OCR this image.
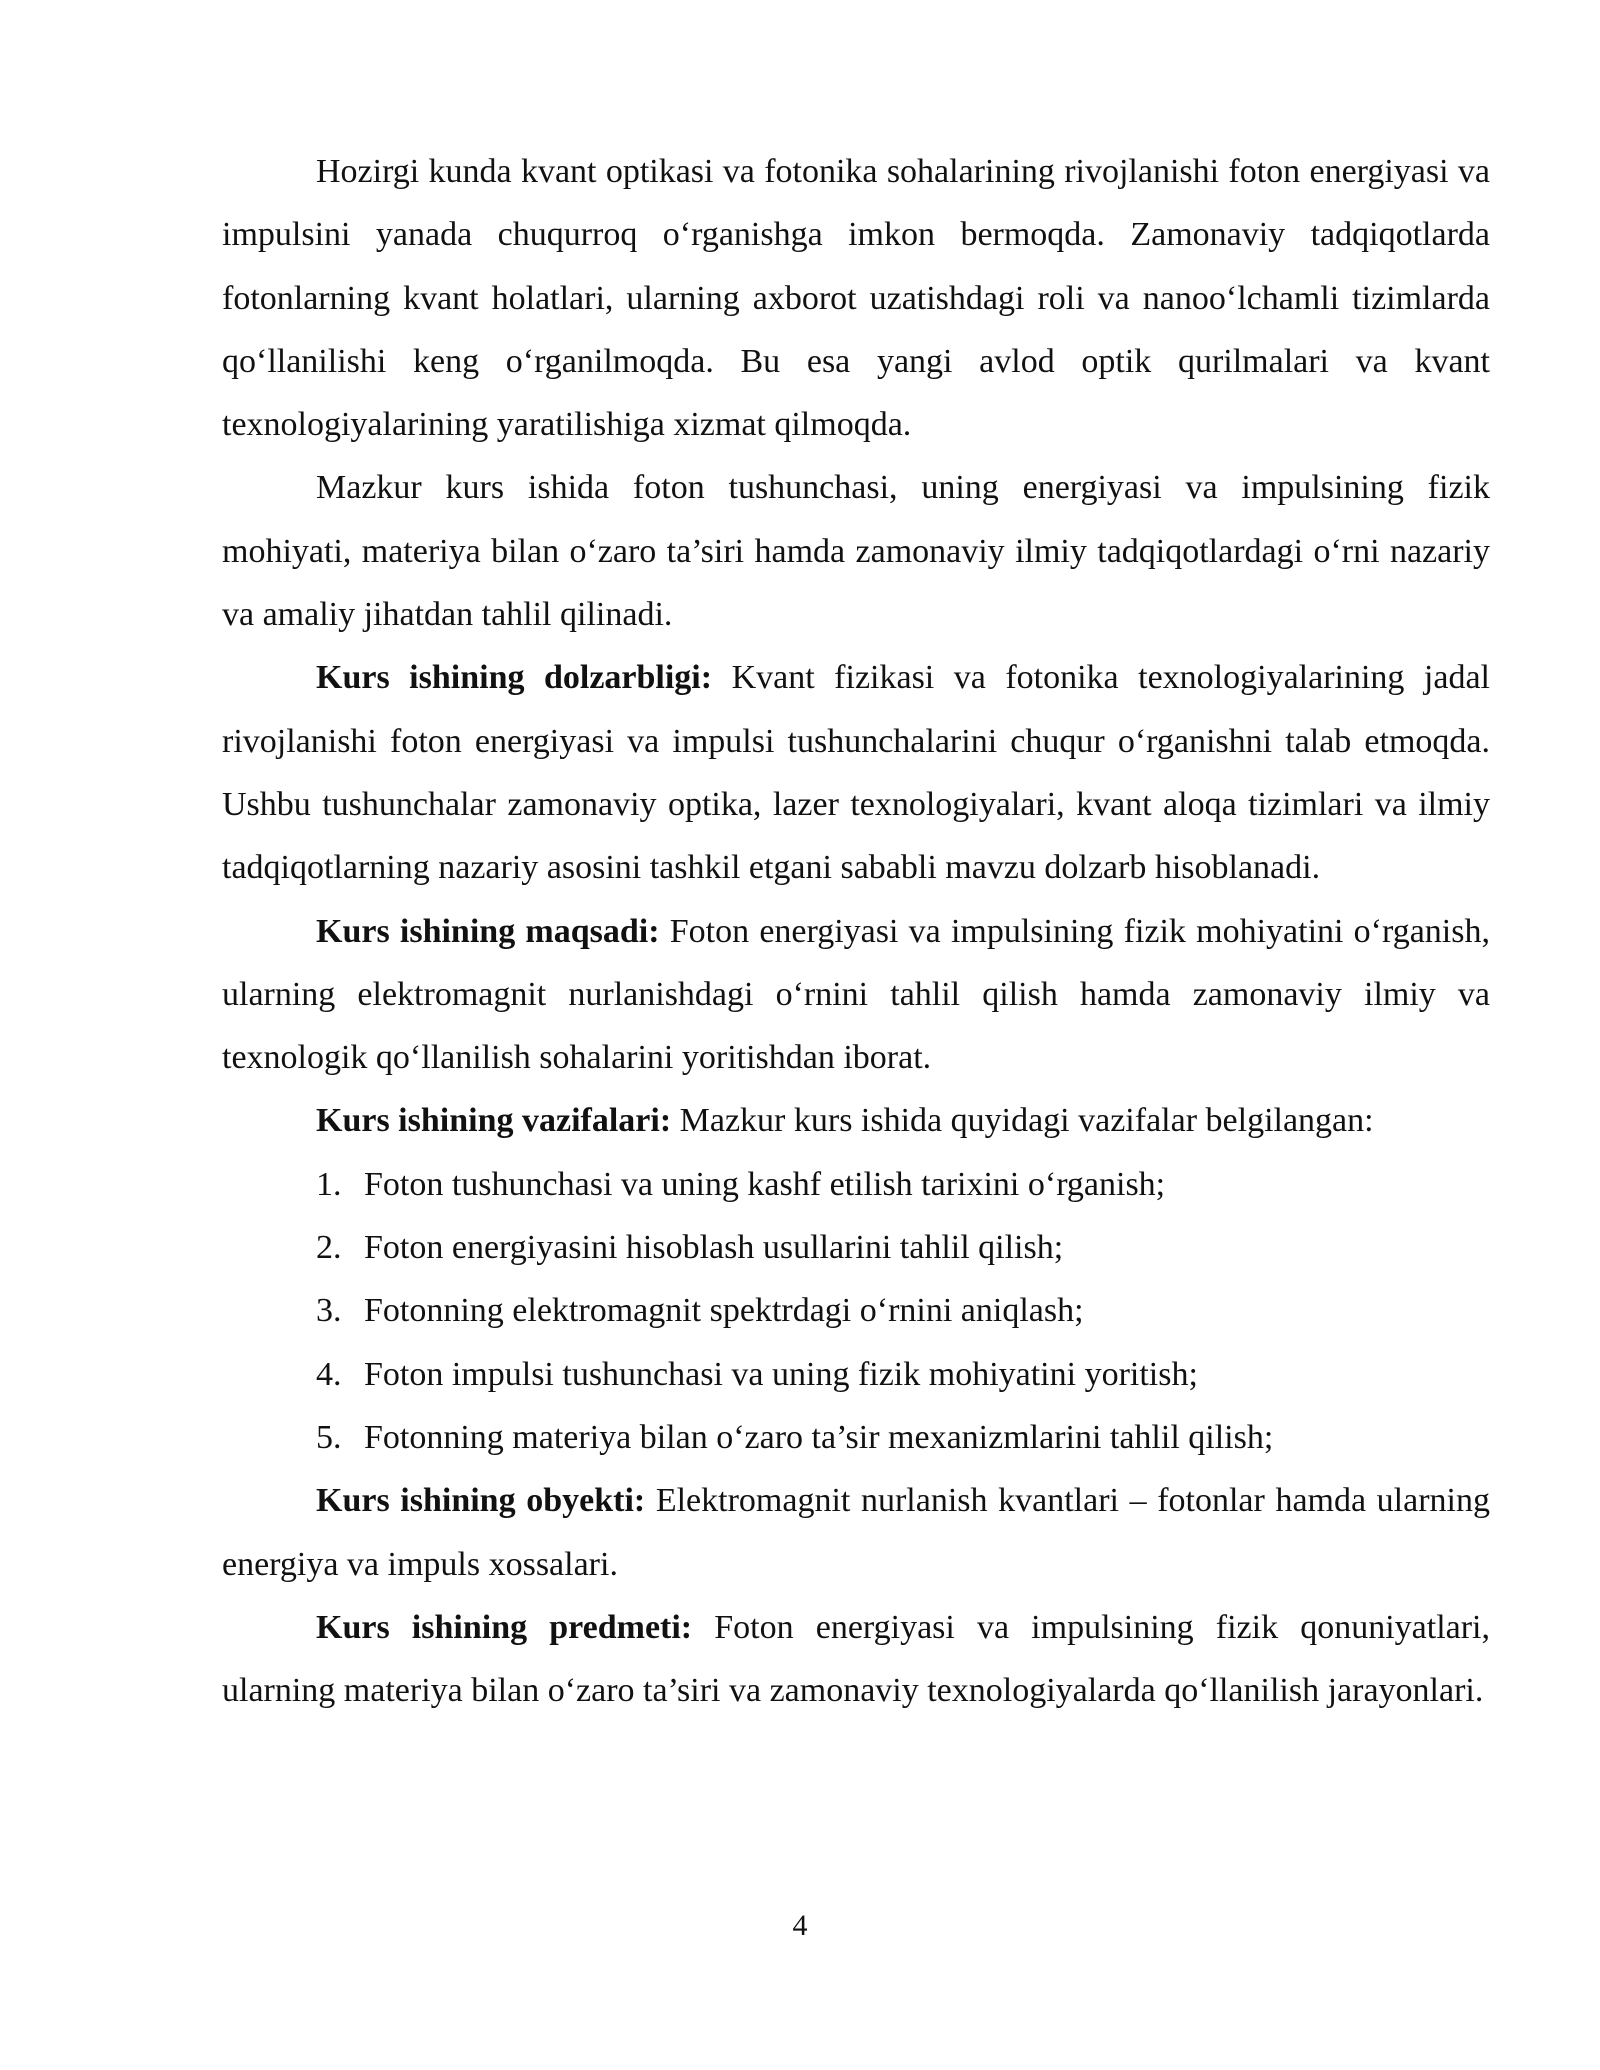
Hozirgi kunda kvant optikasi va fotonika sohalarining rivojlanishi foton energiyasi va impulsini yanada chuqurroq o‘rganishga imkon bermoqda. Zamonaviy tadqiqotlarda fotonlarning kvant holatlari, ularning axborot uzatishdagi roli va nanoo‘lchamli tizimlarda qo‘llanilishi keng o‘rganilmoqda. Bu esa yangi avlod optik qurilmalari va kvant texnologiyalarining yaratilishiga xizmat qilmoqda.

Mazkur kurs ishida foton tushunchasi, uning energiyasi va impulsining fizik mohiyati, materiya bilan o‘zaro ta’siri hamda zamonaviy ilmiy tadqiqotlardagi o‘rni nazariy va amaliy jihatdan tahlil qilinadi.

Kurs ishining dolzarbligi: Kvant fizikasi va fotonika texnologiyalarining jadal rivojlanishi foton energiyasi va impulsi tushunchalarini chuqur o‘rganishni talab etmoqda. Ushbu tushunchalar zamonaviy optika, lazer texnologiyalari, kvant aloqa tizimlari va ilmiy tadqiqotlarning nazariy asosini tashkil etgani sababli mavzu dolzarb hisoblanadi.

Kurs ishining maqsadi: Foton energiyasi va impulsining fizik mohiyatini o‘rganish, ularning elektromagnit nurlanishdagi o‘rnini tahlil qilish hamda zamonaviy ilmiy va texnologik qo‘llanilish sohalarini yoritishdan iborat.

Kurs ishining vazifalari: Mazkur kurs ishida quyidagi vazifalar belgilangan:

1. Foton tushunchasi va uning kashf etilish tarixini o‘rganish;
2. Foton energiyasini hisoblash usullarini tahlil qilish;
3. Fotonning elektromagnit spektrdagi o‘rnini aniqlash;
4. Foton impulsi tushunchasi va uning fizik mohiyatini yoritish;
5. Fotonning materiya bilan o‘zaro ta’sir mexanizmlarini tahlil qilish;

Kurs ishining obyekti: Elektromagnit nurlanish kvantlari – fotonlar hamda ularning energiya va impuls xossalari.

Kurs ishining predmeti: Foton energiyasi va impulsining fizik qonuniyatlari, ularning materiya bilan o‘zaro ta’siri va zamonaviy texnologiyalarda qo‘llanilish jarayonlari.

4
